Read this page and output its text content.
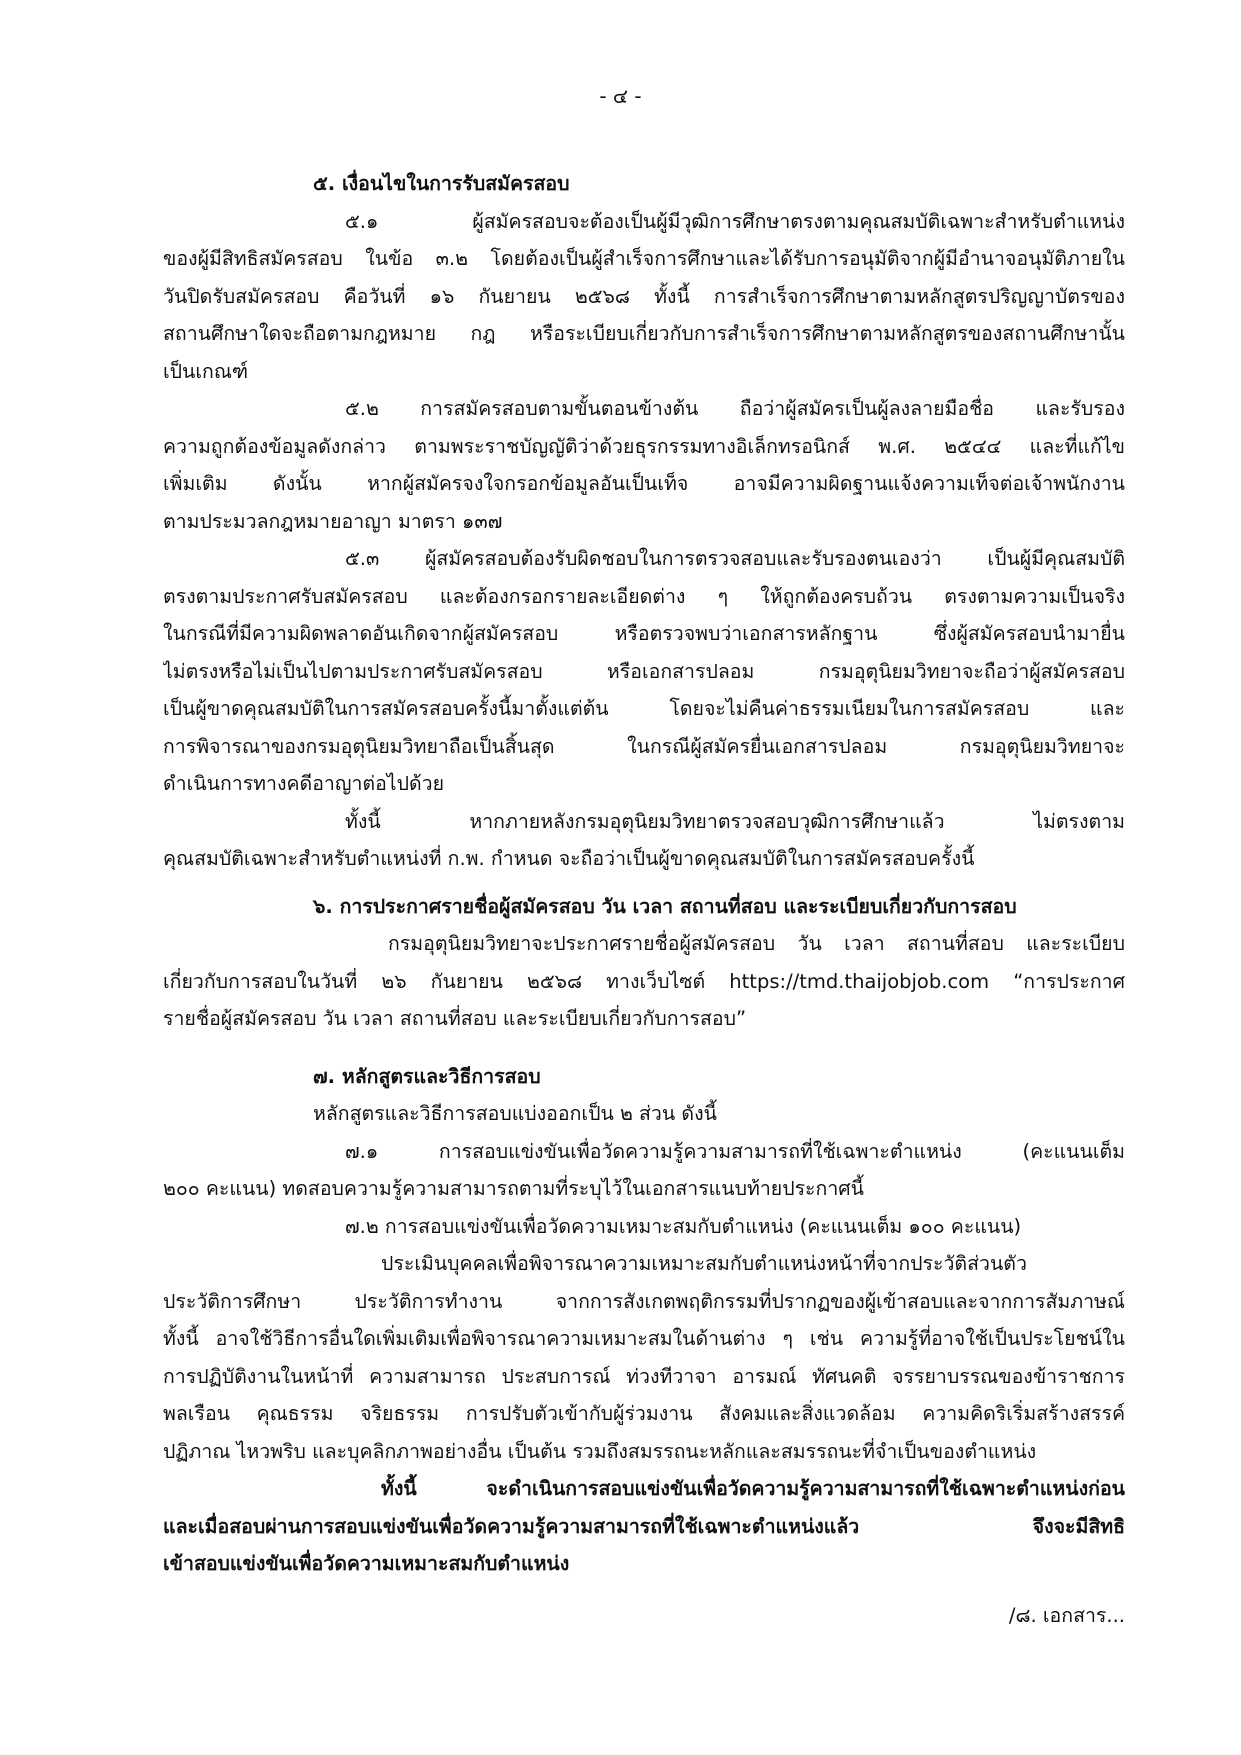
- ๔ -
๕. เงื่อนไขในการรับสมัครสอบ
๕.๑ ผู้สมัครสอบจะต้องเป็นผู้มีวุฒิการศึกษาตรงตามคุณสมบัติเฉพาะสำหรับตำแหน่ง
ของผู้มีสิทธิสมัครสอบ ในข้อ ๓.๒ โดยต้องเป็นผู้สำเร็จการศึกษาและได้รับการอนุมัติจากผู้มีอำนาจอนุมัติภายใน
วันปิดรับสมัครสอบ คือวันที่ ๑๖ กันยายน ๒๕๖๘ ทั้งนี้ การสำเร็จการศึกษาตามหลักสูตรปริญญาบัตรของ
สถานศึกษาใดจะถือตามกฎหมาย กฎ หรือระเบียบเกี่ยวกับการสำเร็จการศึกษาตามหลักสูตรของสถานศึกษานั้น
เป็นเกณฑ์
๕.๒ การสมัครสอบตามขั้นตอนข้างต้น ถือว่าผู้สมัครเป็นผู้ลงลายมือชื่อ และรับรอง
ความถูกต้องข้อมูลดังกล่าว ตามพระราชบัญญัติว่าด้วยธุรกรรมทางอิเล็กทรอนิกส์ พ.ศ. ๒๕๔๔ และที่แก้ไข
เพิ่มเติม ดังนั้น หากผู้สมัครจงใจกรอกข้อมูลอันเป็นเท็จ อาจมีความผิดฐานแจ้งความเท็จต่อเจ้าพนักงาน
ตามประมวลกฎหมายอาญา มาตรา ๑๓๗
๕.๓ ผู้สมัครสอบต้องรับผิดชอบในการตรวจสอบและรับรองตนเองว่า เป็นผู้มีคุณสมบัติ
ตรงตามประกาศรับสมัครสอบ และต้องกรอกรายละเอียดต่าง ๆ ให้ถูกต้องครบถ้วน ตรงตามความเป็นจริง
ในกรณีที่มีความผิดพลาดอันเกิดจากผู้สมัครสอบ หรือตรวจพบว่าเอกสารหลักฐาน ซึ่งผู้สมัครสอบนำมายื่น
ไม่ตรงหรือไม่เป็นไปตามประกาศรับสมัครสอบ หรือเอกสารปลอม กรมอุตุนิยมวิทยาจะถือว่าผู้สมัครสอบ
เป็นผู้ขาดคุณสมบัติในการสมัครสอบครั้งนี้มาตั้งแต่ต้น โดยจะไม่คืนค่าธรรมเนียมในการสมัครสอบ และ
การพิจารณาของกรมอุตุนิยมวิทยาถือเป็นสิ้นสุด ในกรณีผู้สมัครยื่นเอกสารปลอม กรมอุตุนิยมวิทยาจะ
ดำเนินการทางคดีอาญาต่อไปด้วย
ทั้งนี้ หากภายหลังกรมอุตุนิยมวิทยาตรวจสอบวุฒิการศึกษาแล้ว ไม่ตรงตาม
คุณสมบัติเฉพาะสำหรับตำแหน่งที่ ก.พ. กำหนด จะถือว่าเป็นผู้ขาดคุณสมบัติในการสมัครสอบครั้งนี้
๖. การประกาศรายชื่อผู้สมัครสอบ วัน เวลา สถานที่สอบ และระเบียบเกี่ยวกับการสอบ
กรมอุตุนิยมวิทยาจะประกาศรายชื่อผู้สมัครสอบ วัน เวลา สถานที่สอบ และระเบียบ
เกี่ยวกับการสอบในวันที่ ๒๖ กันยายน ๒๕๖๘ ทางเว็บไซต์ https://tmd.thaijobjob.com “การประกาศ
รายชื่อผู้สมัครสอบ วัน เวลา สถานที่สอบ และระเบียบเกี่ยวกับการสอบ”
๗. หลักสูตรและวิธีการสอบ
หลักสูตรและวิธีการสอบแบ่งออกเป็น ๒ ส่วน ดังนี้
๗.๑ การสอบแข่งขันเพื่อวัดความรู้ความสามารถที่ใช้เฉพาะตำแหน่ง (คะแนนเต็ม
๒๐๐ คะแนน) ทดสอบความรู้ความสามารถตามที่ระบุไว้ในเอกสารแนบท้ายประกาศนี้
๗.๒ การสอบแข่งขันเพื่อวัดความเหมาะสมกับตำแหน่ง (คะแนนเต็ม ๑๐๐ คะแนน)
ประเมินบุคคลเพื่อพิจารณาความเหมาะสมกับตำแหน่งหน้าที่จากประวัติส่วนตัว
ประวัติการศึกษา ประวัติการทำงาน จากการสังเกตพฤติกรรมที่ปรากฏของผู้เข้าสอบและจากการสัมภาษณ์
ทั้งนี้ อาจใช้วิธีการอื่นใดเพิ่มเติมเพื่อพิจารณาความเหมาะสมในด้านต่าง ๆ เช่น ความรู้ที่อาจใช้เป็นประโยชน์ใน
การปฏิบัติงานในหน้าที่ ความสามารถ ประสบการณ์ ท่วงทีวาจา อารมณ์ ทัศนคติ จรรยาบรรณของข้าราชการ
พลเรือน คุณธรรม จริยธรรม การปรับตัวเข้ากับผู้ร่วมงาน สังคมและสิ่งแวดล้อม ความคิดริเริ่มสร้างสรรค์
ปฏิภาณ ไหวพริบ และบุคลิกภาพอย่างอื่น เป็นต้น รวมถึงสมรรถนะหลักและสมรรถนะที่จำเป็นของตำแหน่ง
ทั้งนี้ จะดำเนินการสอบแข่งขันเพื่อวัดความรู้ความสามารถที่ใช้เฉพาะตำแหน่งก่อน
และเมื่อสอบผ่านการสอบแข่งขันเพื่อวัดความรู้ความสามารถที่ใช้เฉพาะตำแหน่งแล้ว จึงจะมีสิทธิ
เข้าสอบแข่งขันเพื่อวัดความเหมาะสมกับตำแหน่ง
/๘. เอกสาร...
